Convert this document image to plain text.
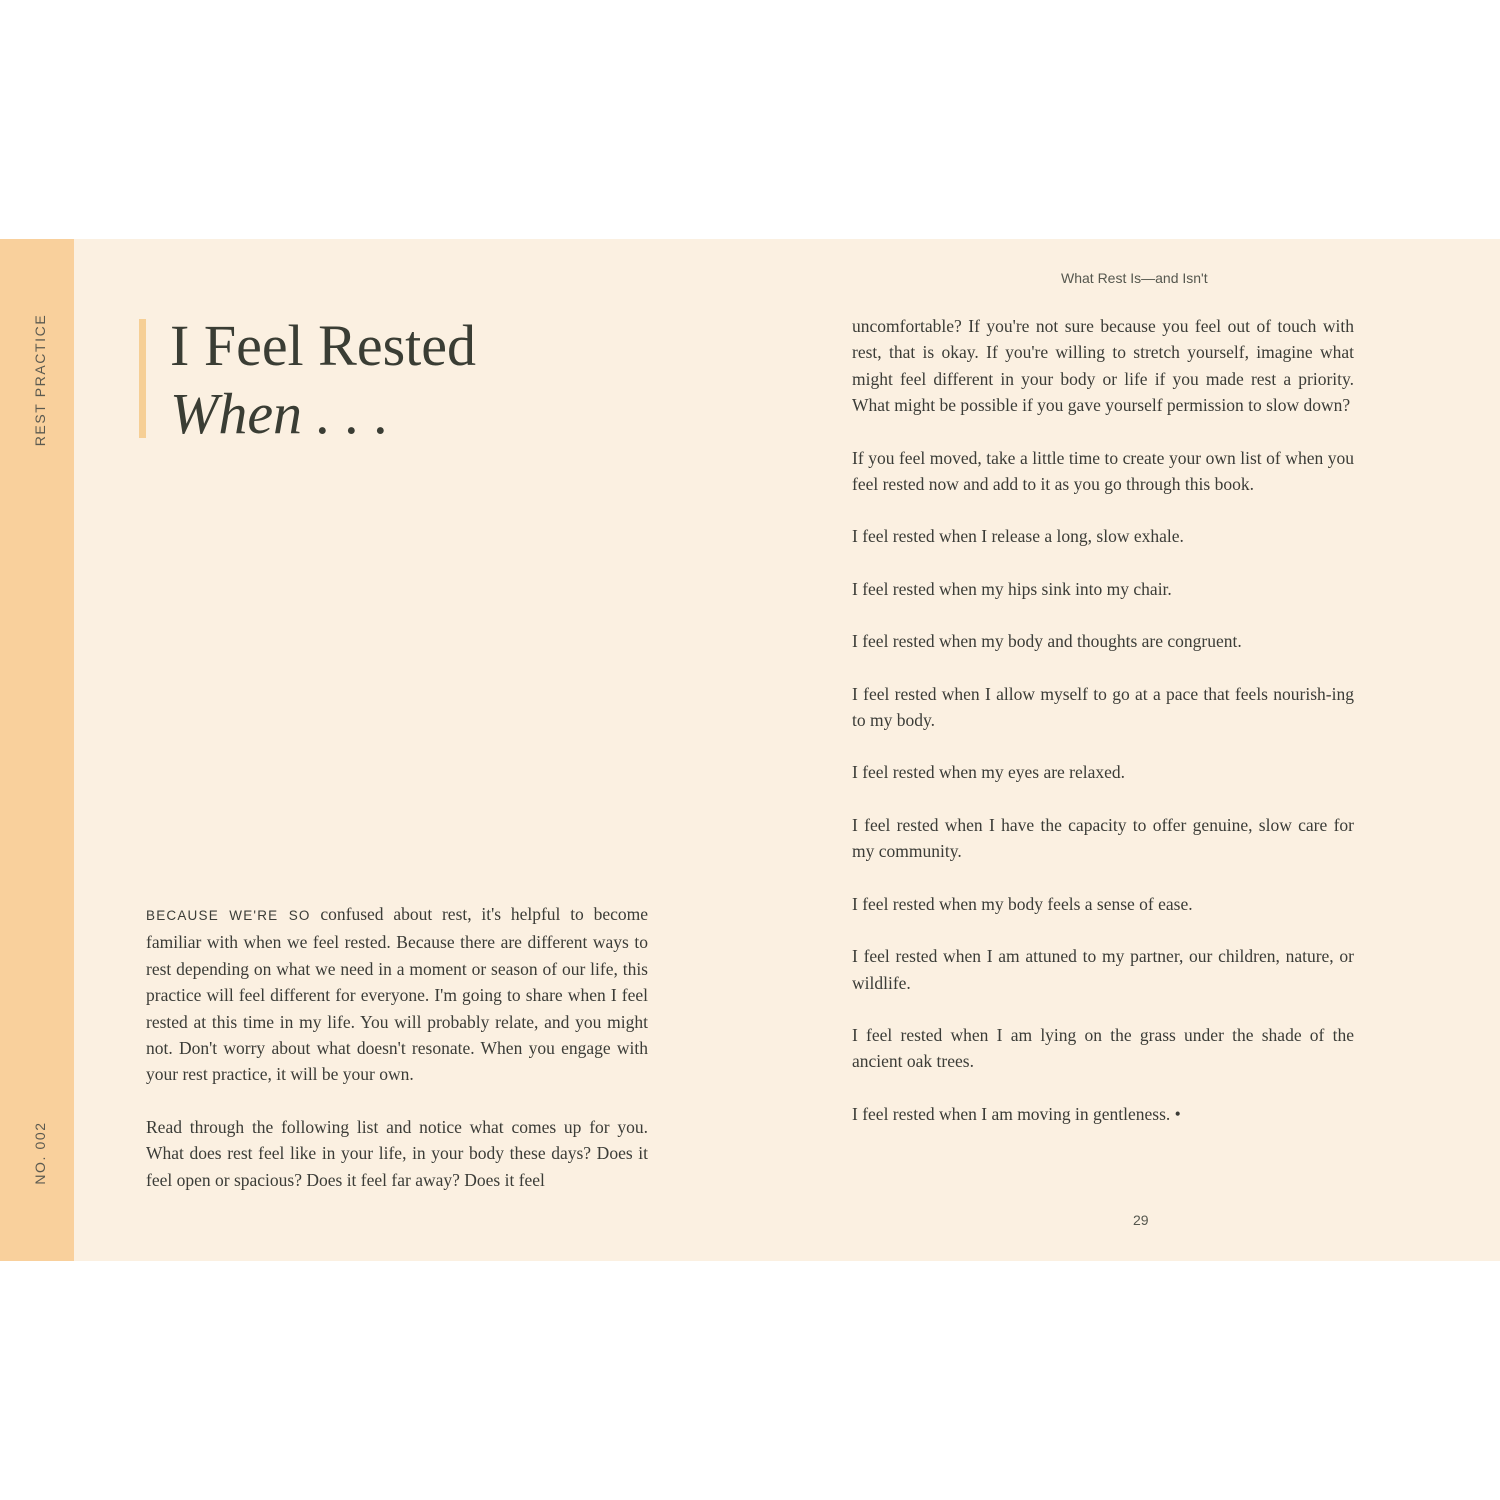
REST PRACTICE
NO. 002
I Feel Rested
When . . .

BECAUSE WE'RE SO confused about rest, it's helpful to become familiar with when we feel rested. Because there are different ways to rest depending on what we need in a moment or season of our life, this practice will feel different for everyone. I'm going to share when I feel rested at this time in my life. You will probably relate, and you might not. Don't worry about what doesn't resonate. When you engage with your rest practice, it will be your own.

Read through the following list and notice what comes up for you. What does rest feel like in your life, in your body these days? Does it feel open or spacious? Does it feel far away? Does it feel

What Rest Is—and Isn't

uncomfortable? If you're not sure because you feel out of touch with rest, that is okay. If you're willing to stretch yourself, imagine what might feel different in your body or life if you made rest a priority. What might be possible if you gave yourself permission to slow down?

If you feel moved, take a little time to create your own list of when you feel rested now and add to it as you go through this book.

I feel rested when I release a long, slow exhale.

I feel rested when my hips sink into my chair.

I feel rested when my body and thoughts are congruent.

I feel rested when I allow myself to go at a pace that feels nourish-ing to my body.

I feel rested when my eyes are relaxed.

I feel rested when I have the capacity to offer genuine, slow care for my community.

I feel rested when my body feels a sense of ease.

I feel rested when I am attuned to my partner, our children, nature, or wildlife.

I feel rested when I am lying on the grass under the shade of the ancient oak trees.

I feel rested when I am moving in gentleness. •

29
